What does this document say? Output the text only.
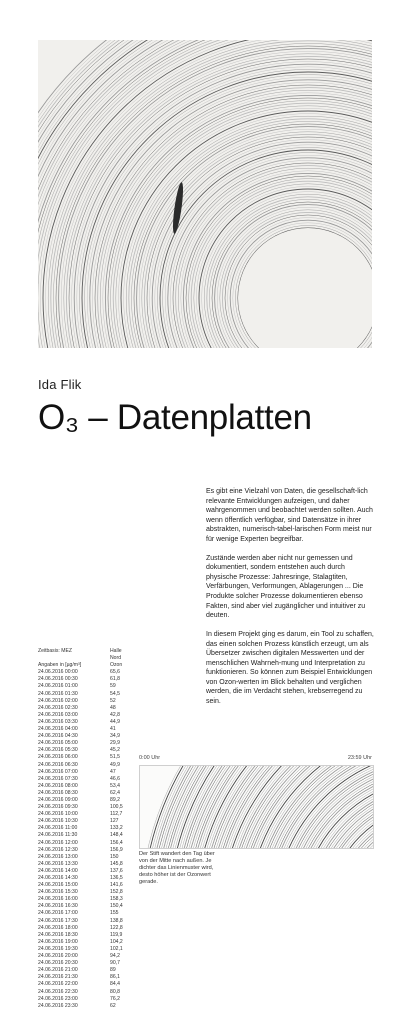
Ida Flik
O₃ – Datenplatten

Es gibt eine Vielzahl von Daten, die gesellschaft-lich relevante Entwicklungen aufzeigen, und daher wahrgenommen und beobachtet werden sollten. Auch wenn öffentlich verfügbar, sind Datensätze in ihrer abstrakten, numerisch-tabel-larischen Form meist nur für wenige Experten begreifbar.

Zustände werden aber nicht nur gemessen und dokumentiert, sondern entstehen auch durch physische Prozesse: Jahresringe, Stalagtiten, Verfärbungen, Verformungen, Ablagerungen ... Die Produkte solcher Prozesse dokumentieren ebenso Fakten, sind aber viel zugänglicher und intuitiver zu deuten.

In diesem Projekt ging es darum, ein Tool zu schaffen, das einen solchen Prozess künstlich erzeugt, um als Übersetzer zwischen digitalen Messwerten und der menschlichen Wahrneh-mung und Interpretation zu funktionieren. So können zum Beispiel Entwicklungen von Ozon-werten im Blick behalten und verglichen werden, die im Verdacht stehen, krebserregend zu sein.

Zeitbasis: MEZ	Halle Nord
Angaben in [µg/m³]	Ozon
24.06.2016 00:00	65,6
24.06.2016 00:30	61,8
24.06.2016 01:00	59
24.06.2016 01:30	54,5
24.06.2016 02:00	52
24.06.2016 02:30	48
24.06.2016 03:00	42,8
24.06.2016 03:30	44,9
24.06.2016 04:00	41
24.06.2016 04:30	34,9
24.06.2016 05:00	29,9
24.06.2016 05:30	45,2
24.06.2016 06:00	51,5
24.06.2016 06:30	49,9
24.06.2016 07:00	47
24.06.2016 07:30	46,6
24.06.2016 08:00	53,4
24.06.2016 08:30	62,4
24.06.2016 09:00	89,2
24.06.2016 09:30	100,5
24.06.2016 10:00	112,7
24.06.2016 10:30	127
24.06.2016 11:00	133,2
24.06.2016 11:30	148,4
24.06.2016 12:00	156,4
24.06.2016 12:30	156,9
24.06.2016 13:00	150
24.06.2016 13:30	145,8
24.06.2016 14:00	137,6
24.06.2016 14:30	136,5
24.06.2016 15:00	141,6
24.06.2016 15:30	152,8
24.06.2016 16:00	158,3
24.06.2016 16:30	150,4
24.06.2016 17:00	155
24.06.2016 17:30	138,8
24.06.2016 18:00	122,8
24.06.2016 18:30	119,9
24.06.2016 19:00	104,2
24.06.2016 19:30	102,1
24.06.2016 20:00	94,2
24.06.2016 20:30	90,7
24.06.2016 21:00	89
24.06.2016 21:30	86,1
24.06.2016 22:00	84,4
24.06.2016 22:30	80,8
24.06.2016 23:00	76,2
24.06.2016 23:30	62
0:00 Uhr	23:59 Uhr
Der Stift wandert den Tag über von der Mitte nach außen. Je dichter das Linienmuster wird, desto höher ist der Ozonwert gerade.
